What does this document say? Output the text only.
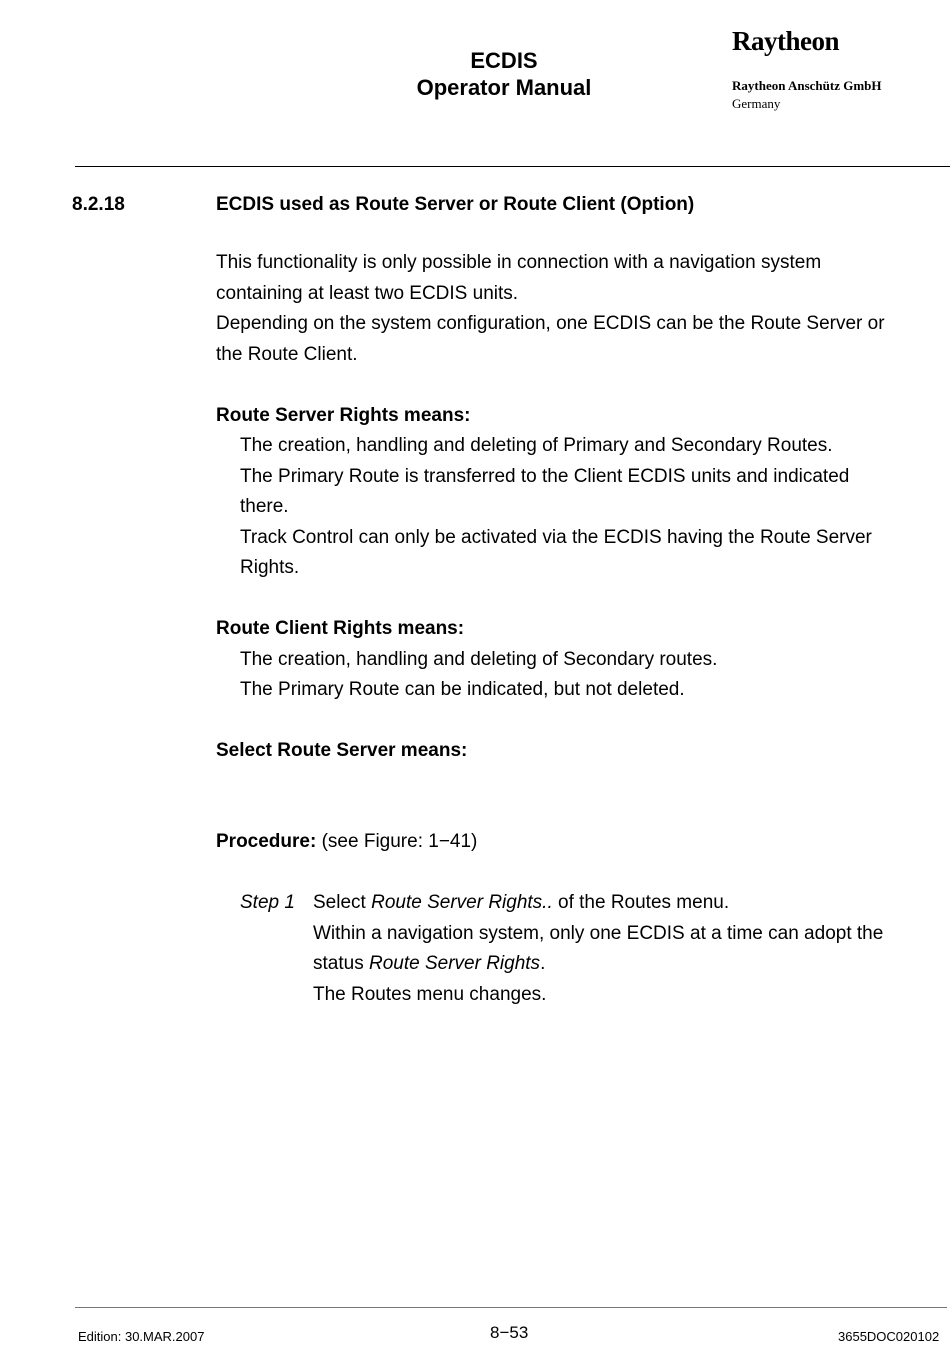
ECDIS
Operator Manual
Raytheon
Raytheon Anschütz GmbH
Germany
8.2.18	ECDIS used as Route Server or Route Client (Option)
This functionality is only possible in connection with a navigation system
containing at least two ECDIS units.
Depending on the system configuration, one ECDIS can be the Route Server or
the Route Client.
Route Server Rights means:
The creation, handling and deleting of Primary and Secondary Routes.
The Primary Route is transferred to the Client ECDIS units and indicated
there.
Track Control can only be activated via the ECDIS having the Route Server
Rights.
Route Client Rights means:
The creation, handling and deleting of Secondary routes.
The Primary Route can be indicated, but not deleted.
Select Route Server means:
Procedure: (see Figure: 1−41)
Step 1 Select Route Server Rights.. of the Routes menu.
Within a navigation system, only one ECDIS at a time can adopt the
status Route Server Rights.
The Routes menu changes.
Edition: 30.MAR.2007	8−53	3655DOC020102
